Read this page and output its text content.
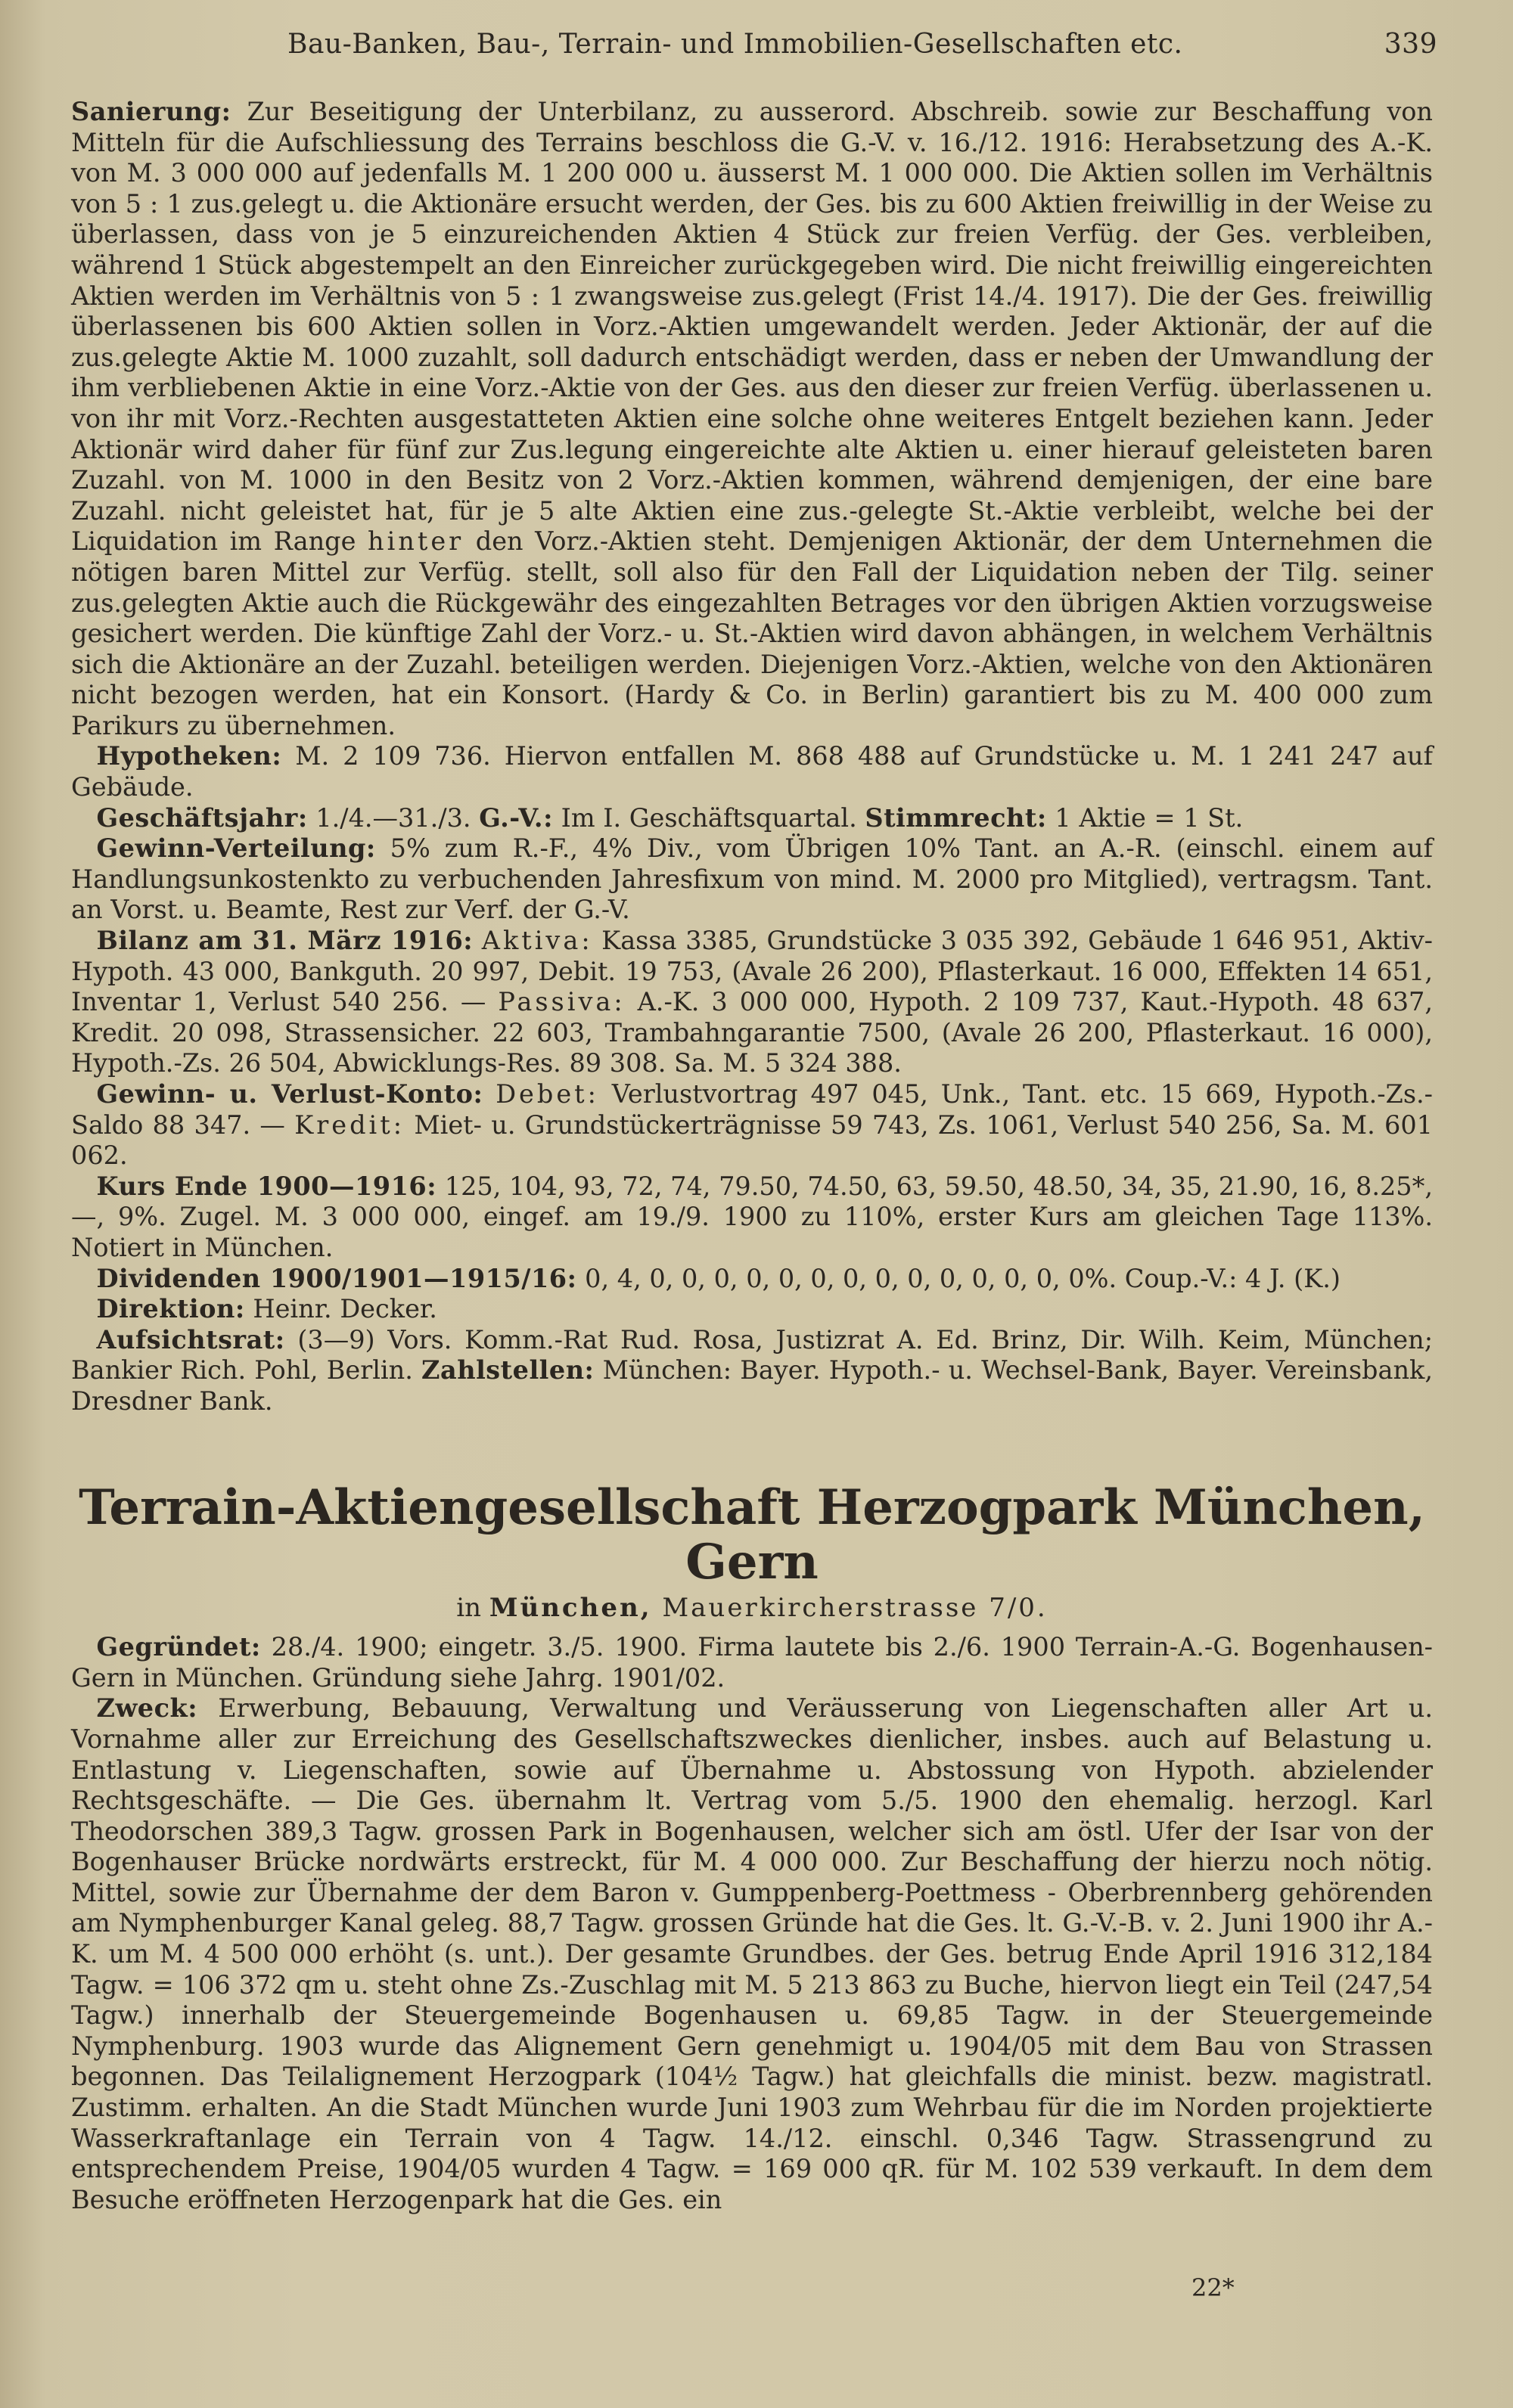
Bau-Banken, Bau-, Terrain- und Immobilien-Gesellschaften etc.	339

Sanierung: Zur Beseitigung der Unterbilanz, zu ausserord. Abschreib. sowie zur Beschaffung von Mitteln für die Aufschliessung des Terrains beschloss die G.-V. v. 16./12. 1916: Herabsetzung des A.-K. von M. 3 000 000 auf jedenfalls M. 1 200 000 u. äusserst M. 1 000 000. Die Aktien sollen im Verhältnis von 5 : 1 zus.gelegt u. die Aktionäre ersucht werden, der Ges. bis zu 600 Aktien freiwillig in der Weise zu überlassen, dass von je 5 einzureichenden Aktien 4 Stück zur freien Verfüg. der Ges. verbleiben, während 1 Stück abgestempelt an den Einreicher zurückgegeben wird. Die nicht freiwillig eingereichten Aktien werden im Verhältnis von 5 : 1 zwangsweise zus.gelegt (Frist 14./4. 1917). Die der Ges. freiwillig überlassenen bis 600 Aktien sollen in Vorz.-Aktien umgewandelt werden. Jeder Aktionär, der auf die zus.gelegte Aktie M. 1000 zuzahlt, soll dadurch entschädigt werden, dass er neben der Umwandlung der ihm verbliebenen Aktie in eine Vorz.-Aktie von der Ges. aus den dieser zur freien Verfüg. überlassenen u. von ihr mit Vorz.-Rechten ausgestatteten Aktien eine solche ohne weiteres Entgelt beziehen kann. Jeder Aktionär wird daher für fünf zur Zus.legung eingereichte alte Aktien u. einer hierauf geleisteten baren Zuzahl. von M. 1000 in den Besitz von 2 Vorz.-Aktien kommen, während demjenigen, der eine bare Zuzahl. nicht geleistet hat, für je 5 alte Aktien eine zus.-gelegte St.-Aktie verbleibt, welche bei der Liquidation im Range hinter den Vorz.-Aktien steht. Demjenigen Aktionär, der dem Unternehmen die nötigen baren Mittel zur Verfüg. stellt, soll also für den Fall der Liquidation neben der Tilg. seiner zus.gelegten Aktie auch die Rückgewähr des eingezahlten Betrages vor den übrigen Aktien vorzugsweise gesichert werden. Die künftige Zahl der Vorz.- u. St.-Aktien wird davon abhängen, in welchem Verhältnis sich die Aktionäre an der Zuzahl. beteiligen werden. Diejenigen Vorz.-Aktien, welche von den Aktionären nicht bezogen werden, hat ein Konsort. (Hardy & Co. in Berlin) garantiert bis zu M. 400 000 zum Parikurs zu übernehmen.

 Hypotheken: M. 2 109 736. Hiervon entfallen M. 868 488 auf Grundstücke u. M. 1 241 247 auf Gebäude.

 Geschäftsjahr: 1./4.—31./3. G.-V.: Im I. Geschäftsquartal. Stimmrecht: 1 Aktie = 1 St.

 Gewinn-Verteilung: 5% zum R.-F., 4% Div., vom Übrigen 10% Tant. an A.-R. (einschl. einem auf Handlungsunkostenkto zu verbuchenden Jahresfixum von mind. M. 2000 pro Mitglied), vertragsm. Tant. an Vorst. u. Beamte, Rest zur Verf. der G.-V.

 Bilanz am 31. März 1916: Aktiva: Kassa 3385, Grundstücke 3 035 392, Gebäude 1 646 951, Aktiv-Hypoth. 43 000, Bankguth. 20 997, Debit. 19 753, (Avale 26 200), Pflasterkaut. 16 000, Effekten 14 651, Inventar 1, Verlust 540 256. — Passiva: A.-K. 3 000 000, Hypoth. 2 109 737, Kaut.-Hypoth. 48 637, Kredit. 20 098, Strassensicher. 22 603, Trambahngarantie 7500, (Avale 26 200, Pflasterkaut. 16 000), Hypoth.-Zs. 26 504, Abwicklungs-Res. 89 308. Sa. M. 5 324 388.

 Gewinn- u. Verlust-Konto: Debet: Verlustvortrag 497 045, Unk., Tant. etc. 15 669, Hypoth.-Zs.-Saldo 88 347. — Kredit: Miet- u. Grundstückerträgnisse 59 743, Zs. 1061, Verlust 540 256, Sa. M. 601 062.

 Kurs Ende 1900—1916: 125, 104, 93, 72, 74, 79.50, 74.50, 63, 59.50, 48.50, 34, 35, 21.90, 16, 8.25*, —, 9%. Zugel. M. 3 000 000, eingef. am 19./9. 1900 zu 110%, erster Kurs am gleichen Tage 113%. Notiert in München.

 Dividenden 1900/1901—1915/16: 0, 4, 0, 0, 0, 0, 0, 0, 0, 0, 0, 0, 0, 0, 0, 0%. Coup.-V.: 4 J. (K.)

 Direktion: Heinr. Decker.

 Aufsichtsrat: (3—9) Vors. Komm.-Rat Rud. Rosa, Justizrat A. Ed. Brinz, Dir. Wilh. Keim, München; Bankier Rich. Pohl, Berlin. Zahlstellen: München: Bayer. Hypoth.- u. Wechsel-Bank, Bayer. Vereinsbank, Dresdner Bank.

Terrain-Aktiengesellschaft Herzogpark München, Gern
in München, Mauerkircherstrasse 7/0.

 Gegründet: 28./4. 1900; eingetr. 3./5. 1900. Firma lautete bis 2./6. 1900 Terrain-A.-G. Bogenhausen-Gern in München. Gründung siehe Jahrg. 1901/02.

 Zweck: Erwerbung, Bebauung, Verwaltung und Veräusserung von Liegenschaften aller Art u. Vornahme aller zur Erreichung des Gesellschaftszweckes dienlicher, insbes. auch auf Belastung u. Entlastung v. Liegenschaften, sowie auf Übernahme u. Abstossung von Hypoth. abzielender Rechtsgeschäfte. — Die Ges. übernahm lt. Vertrag vom 5./5. 1900 den ehemalig. herzogl. Karl Theodorschen 389,3 Tagw. grossen Park in Bogenhausen, welcher sich am östl. Ufer der Isar von der Bogenhauser Brücke nordwärts erstreckt, für M. 4 000 000. Zur Beschaffung der hierzu noch nötig. Mittel, sowie zur Übernahme der dem Baron v. Gumppenberg-Poettmess - Oberbrennberg gehörenden am Nymphenburger Kanal geleg. 88,7 Tagw. grossen Gründe hat die Ges. lt. G.-V.-B. v. 2. Juni 1900 ihr A.-K. um M. 4 500 000 erhöht (s. unt.). Der gesamte Grundbes. der Ges. betrug Ende April 1916 312,184 Tagw. = 106 372 qm u. steht ohne Zs.-Zuschlag mit M. 5 213 863 zu Buche, hiervon liegt ein Teil (247,54 Tagw.) innerhalb der Steuergemeinde Bogenhausen u. 69,85 Tagw. in der Steuergemeinde Nymphenburg. 1903 wurde das Alignement Gern genehmigt u. 1904/05 mit dem Bau von Strassen begonnen. Das Teilalignement Herzogpark (104½ Tagw.) hat gleichfalls die minist. bezw. magistratl. Zustimm. erhalten. An die Stadt München wurde Juni 1903 zum Wehrbau für die im Norden projektierte Wasserkraftanlage ein Terrain von 4 Tagw. 14./12. einschl. 0,346 Tagw. Strassengrund zu entsprechendem Preise, 1904/05 wurden 4 Tagw. = 169 000 qR. für M. 102 539 verkauft. In dem dem Besuche eröffneten Herzogenpark hat die Ges. ein

22*
